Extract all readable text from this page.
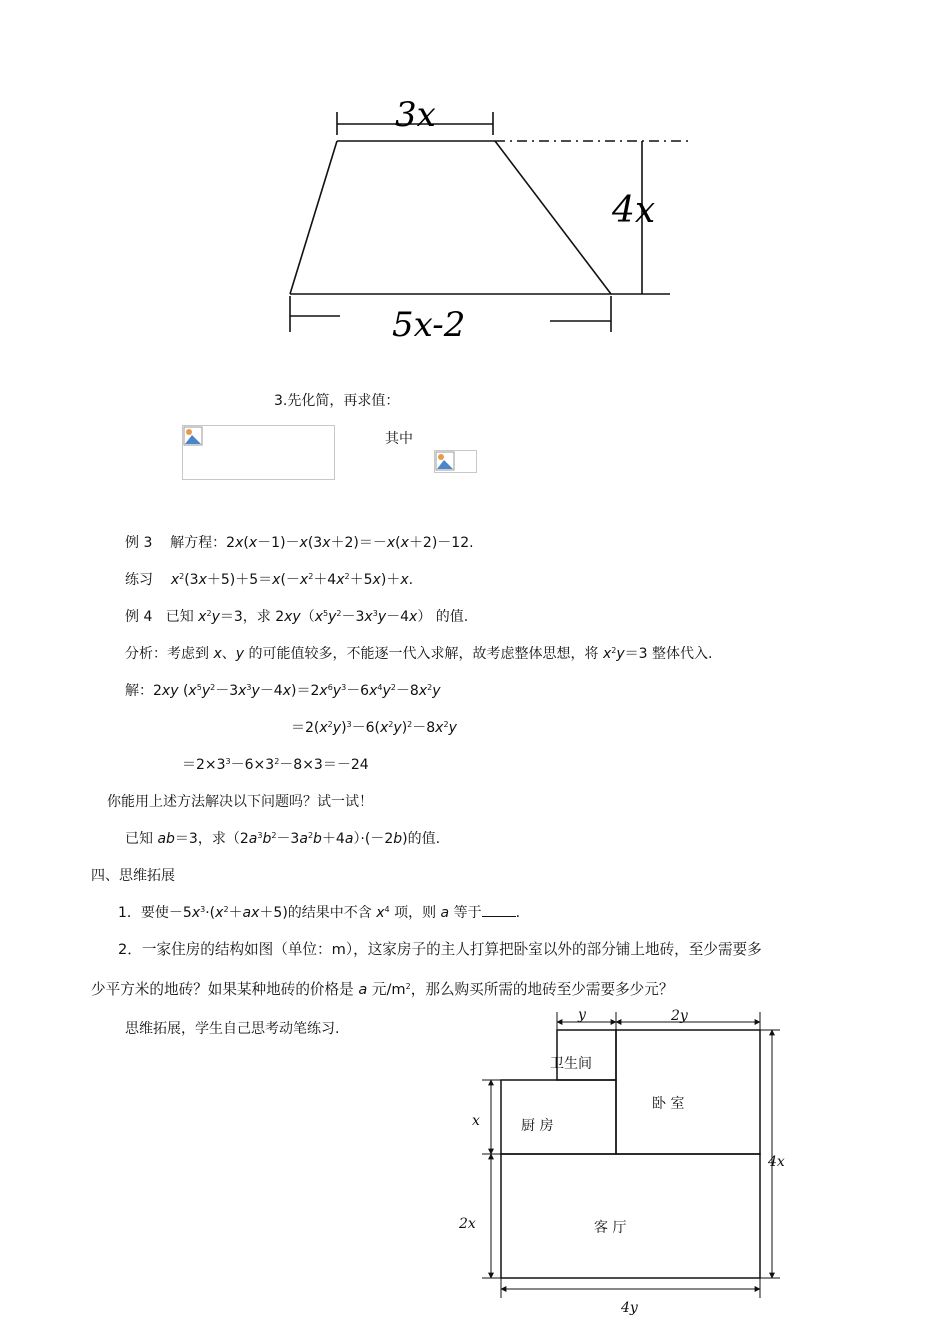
3x
4x
5x-2
3.先化简，再求值：
其中
例 3 解方程：2x(x－1)－x(3x＋2)＝－x(x＋2)－12.
练习 $x^2(3x+5)+5=x(-x^2+4x^2+5x)+x$.
例 4 已知 $x^2y=3$，求 $2xy(x^5y^2-3x^3y-4x)$ 的值.
分析：考虑到 x、y 的可能值较多，不能逐一代入求解，故考虑整体思想，将 $x^2y=3$ 整体代入.
解：2xy $(x^5y^2-3x^3y-4x)=2x^6y^3-6x^4y^2-8x^2y$
$=2(x^2y)^3-6(x^2y)^2-8x^2y$
$=2\times 3^3-6\times 3^2-8\times 3=-24$
你能用上述方法解决以下问题吗？试一试！
已知 ab＝3，求$(2a^3b^2-3a^2b+4a)\cdot(-2b)$的值.
四、思维拓展
1．要使$-5x^3\cdot(x^2+ax+5)$的结果中不含 $x^4$ 项，则 a 等于 .
2．一家住房的结构如图（单位：m），这家房子的主人打算把卧室以外的部分铺上地砖，至少需要多
少平方米的地砖？如果某种地砖的价格是 a 元$/m^2$，那么购买所需的地砖至少需要多少元？
思维拓展，学生自己思考动笔练习.
卫生间
厨 房
卧 室
客 厅
y	2y
x
4x
2x
4y
